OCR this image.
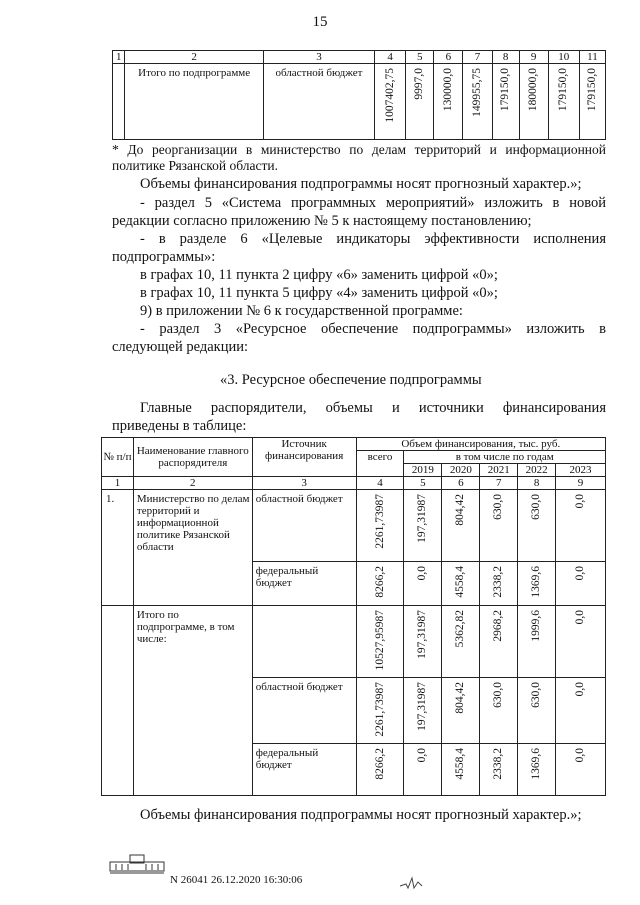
15
1	2	3	4	5	6	7	8	9	10	11
	Итого по подпрограмме	областной бюджет	1007402,75	9997,0	130000,0	149955,75	179150,0	180000,0	179150,0	179150,0
* До реорганизации в министерство по делам территорий и информационной
политике Рязанской области.
Объемы финансирования подпрограммы носят прогнозный характер.»;
- раздел 5 «Система программных мероприятий» изложить в новой
редакции согласно приложению № 5 к настоящему постановлению;
- в разделе 6 «Целевые индикаторы эффективности исполнения
подпрограммы»:
в графах 10, 11 пункта 2 цифру «6» заменить цифрой «0»;
в графах 10, 11 пункта 5 цифру «4» заменить цифрой «0»;
9) в приложении № 6 к государственной программе:
- раздел 3 «Ресурсное обеспечение подпрограммы» изложить в
следующей редакции:
«3. Ресурсное обеспечение подпрограммы
Главные распорядители, объемы и источники финансирования
приведены в таблице:
№ п/п	Наименование главного распорядителя	Источник финансирования	Объем финансирования, тыс. руб.					
			всего	в том числе по годам				
				2019	2020	2021	2022	2023
1	2	3	4	5	6	7	8	9
1.	Министерство по делам территорий и информационной политике Рязанской области	областной бюджет	2261,73987	197,31987	804,42	630,0	630,0	0,0

		федеральный бюджет	8266,2	0,0	4558,4	2338,2	1369,6	0,0

	Итого по подпрограмме, в том числе:		10527,95987	197,31987	5362,82	2968,2	1999,6	0,0

		областной бюджет	2261,73987	197,31987	804,42	630,0	630,0	0,0

		федеральный бюджет	8266,2	0,0	4558,4	2338,2	1369,6	0,0
Объемы финансирования подпрограммы носят прогнозный характер.»;
N 26041 26.12.2020 16:30:06
